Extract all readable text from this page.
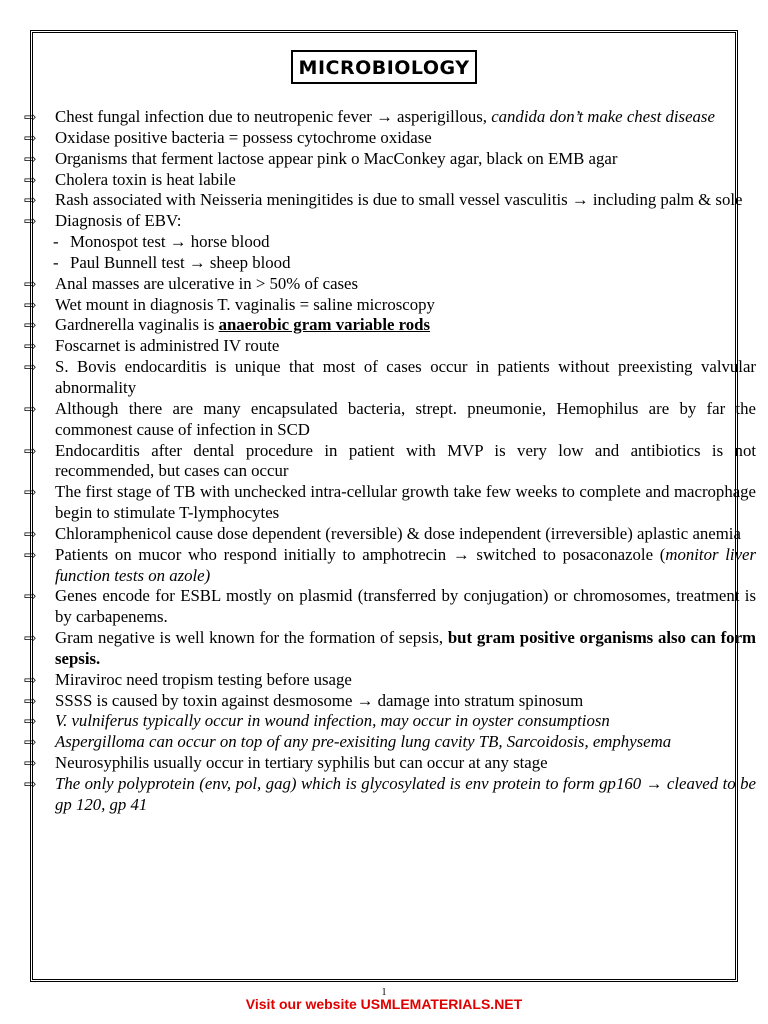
MICROBIOLOGY
⇨ Chest fungal infection due to neutropenic fever → asperigillous, candida don’t make chest disease
⇨ Oxidase positive bacteria = possess cytochrome oxidase
⇨ Organisms that ferment lactose appear pink o MacConkey agar, black on EMB agar
⇨ Cholera toxin is heat labile
⇨ Rash associated with Neisseria meningitides is due to small vessel vasculitis → including palm & sole
⇨ Diagnosis of EBV:
- Monospot test → horse blood
- Paul Bunnell test → sheep blood
⇨ Anal masses are ulcerative in > 50% of cases
⇨ Wet mount in diagnosis T. vaginalis = saline microscopy
⇨ Gardnerella vaginalis is anaerobic gram variable rods
⇨ Foscarnet is administred IV route
⇨ S. Bovis endocarditis is unique that most of cases occur in patients without preexisting valvular abnormality
⇨ Although there are many encapsulated bacteria, strept. pneumonie, Hemophilus are by far the commonest cause of infection in SCD
⇨ Endocarditis after dental procedure in patient with MVP is very low and antibiotics is not recommended, but cases can occur
⇨ The first stage of TB with unchecked intra-cellular growth take few weeks to complete and macrophage begin to stimulate T-lymphocytes
⇨ Chloramphenicol cause dose dependent (reversible) & dose independent (irreversible) aplastic anemia
⇨ Patients on mucor who respond initially to amphotrecin → switched to posaconazole (monitor liver function tests on azole)
⇨ Genes encode for ESBL mostly on plasmid (transferred by conjugation) or chromosomes, treatment is by carbapenems.
⇨ Gram negative is well known for the formation of sepsis, but gram positive organisms also can form sepsis.
⇨ Miraviroc need tropism testing before usage
⇨ SSSS is caused by toxin against desmosome → damage into stratum spinosum
⇨ V. vulniferus typically occur in wound infection, may occur in oyster consumptiosn
⇨ Aspergilloma can occur on top of any pre-exisiting lung cavity TB, Sarcoidosis, emphysema
⇨ Neurosyphilis usually occur in tertiary syphilis but can occur at any stage
⇨ The only polyprotein (env, pol, gag) which is glycosylated is env protein to form gp160 → cleaved to be gp 120, gp 41
1
Visit our website USMLEMATERIALS.NET
